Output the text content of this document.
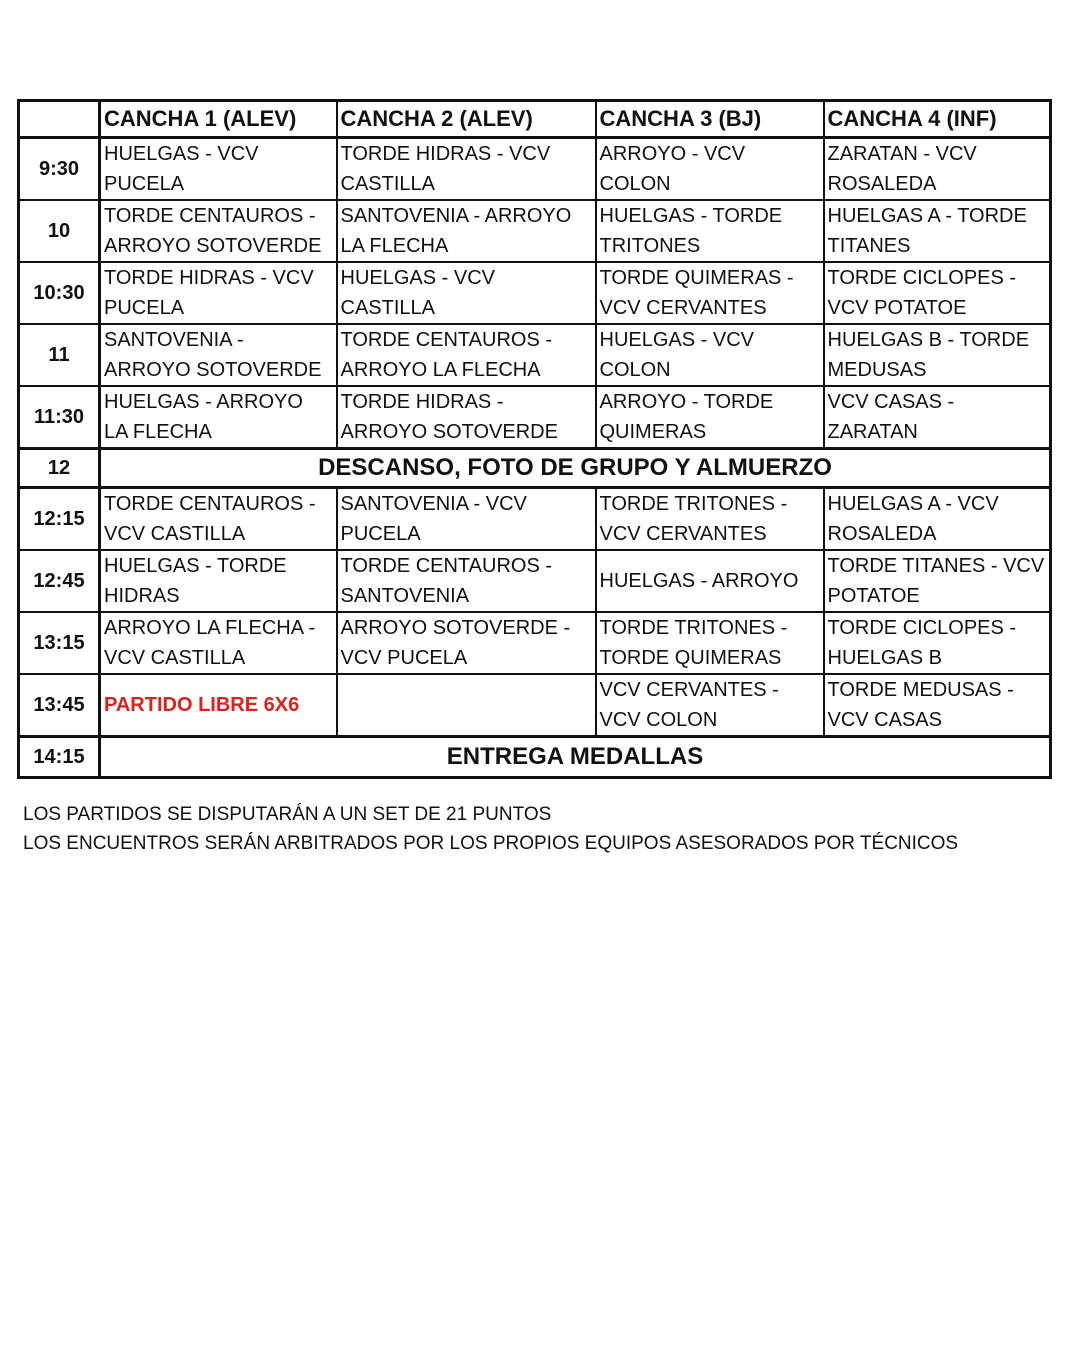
	CANCHA 1 (ALEV)	CANCHA 2 (ALEV)	CANCHA 3 (BJ)	CANCHA 4 (INF)
9:30	HUELGAS - VCV PUCELA	TORDE HIDRAS - VCV CASTILLA	ARROYO - VCV COLON	ZARATAN - VCV ROSALEDA
10	TORDE CENTAUROS - ARROYO SOTOVERDE	SANTOVENIA - ARROYO LA FLECHA	HUELGAS - TORDE TRITONES	HUELGAS A - TORDE TITANES
10:30	TORDE HIDRAS - VCV PUCELA	HUELGAS - VCV CASTILLA	TORDE QUIMERAS - VCV CERVANTES	TORDE CICLOPES - VCV POTATOE
11	SANTOVENIA - ARROYO SOTOVERDE	TORDE CENTAUROS - ARROYO LA FLECHA	HUELGAS - VCV COLON	HUELGAS B - TORDE MEDUSAS
11:30	HUELGAS - ARROYO LA FLECHA	TORDE HIDRAS - ARROYO SOTOVERDE	ARROYO - TORDE QUIMERAS	VCV CASAS - ZARATAN
12	DESCANSO, FOTO DE GRUPO Y ALMUERZO			
12:15	TORDE CENTAUROS - VCV CASTILLA	SANTOVENIA - VCV PUCELA	TORDE TRITONES - VCV CERVANTES	HUELGAS A - VCV ROSALEDA
12:45	HUELGAS - TORDE HIDRAS	TORDE CENTAUROS - SANTOVENIA	HUELGAS - ARROYO	TORDE TITANES - VCV POTATOE
13:15	ARROYO LA FLECHA - VCV CASTILLA	ARROYO SOTOVERDE - VCV PUCELA	TORDE TRITONES - TORDE QUIMERAS	TORDE CICLOPES - HUELGAS B
13:45	PARTIDO LIBRE 6X6		VCV CERVANTES - VCV COLON	TORDE MEDUSAS - VCV CASAS
14:15	ENTREGA MEDALLAS			
LOS PARTIDOS SE DISPUTARÁN A UN SET DE 21 PUNTOS
LOS ENCUENTROS SERÁN ARBITRADOS POR LOS PROPIOS EQUIPOS ASESORADOS POR TÉCNICOS
